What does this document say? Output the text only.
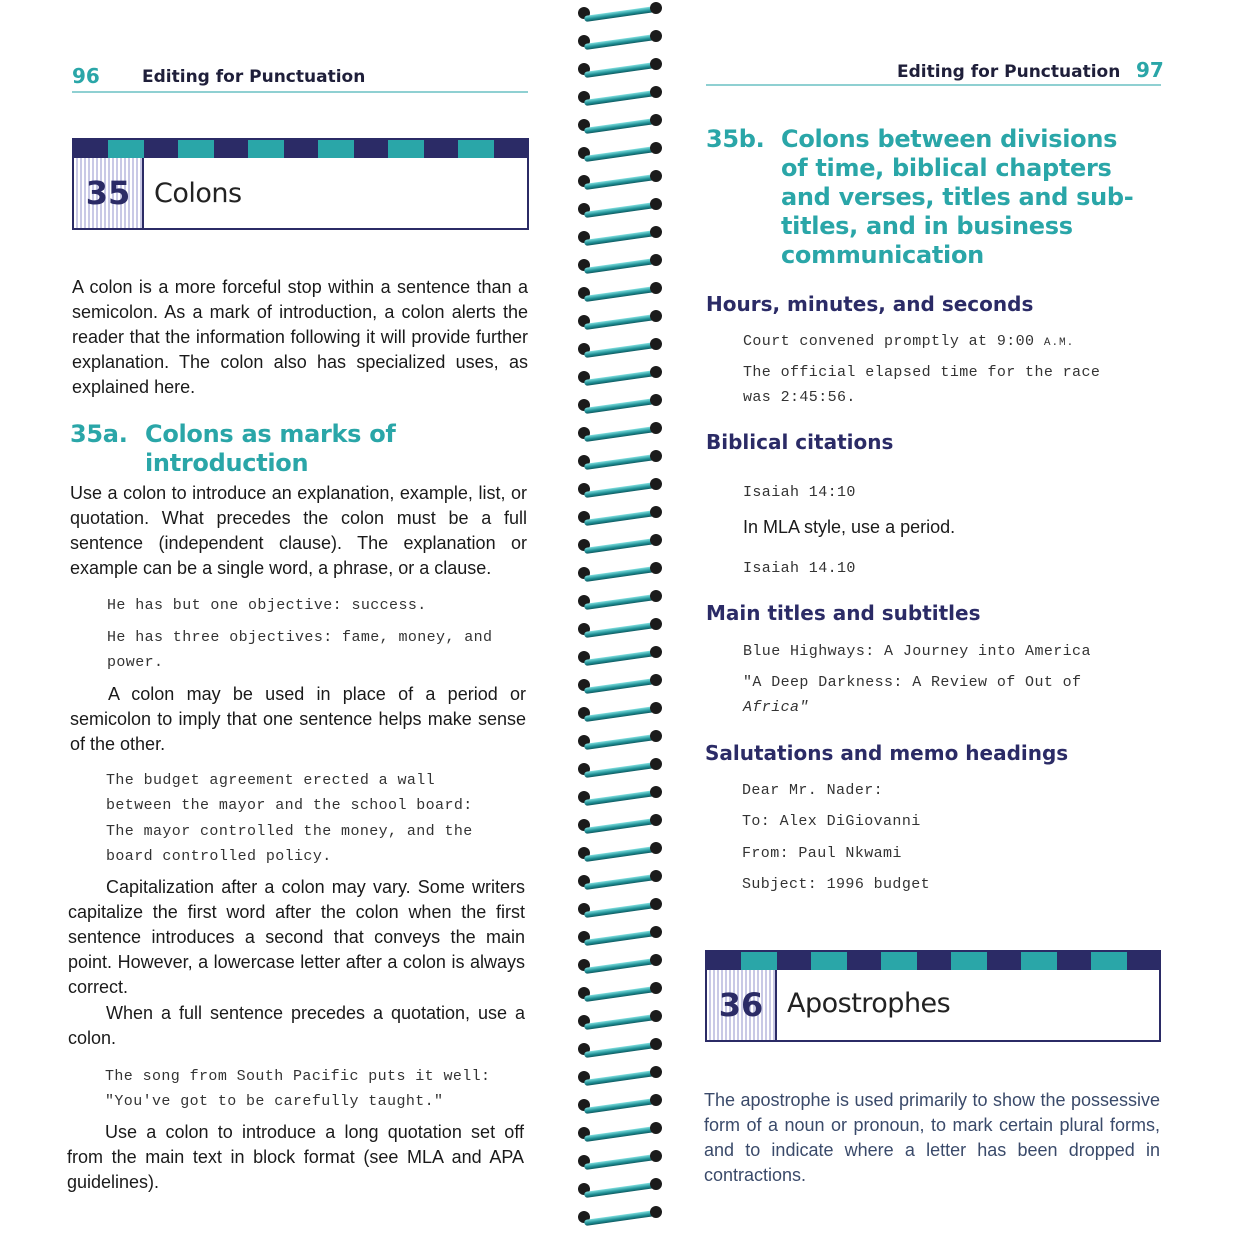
96 Editing for Punctuation
35 Colons
A colon is a more forceful stop within a sentence than a semicolon. As a mark of introduction, a colon alerts the reader that the information following it will provide further explanation. The colon also has specialized uses, as explained here.
35a. Colons as marks of
introduction
Use a colon to introduce an explanation, example, list, or quotation. What precedes the colon must be a full sentence (independent clause). The explanation or example can be a single word, a phrase, or a clause.
He has but one objective: success.
He has three objectives: fame, money, and
power.
A colon may be used in place of a period or semicolon to imply that one sentence helps make sense of the other.
The budget agreement erected a wall
between the mayor and the school board:
The mayor controlled the money, and the
board controlled policy.
Capitalization after a colon may vary. Some writers capitalize the first word after the colon when the first sentence introduces a second that conveys the main point. However, a lowercase letter after a colon is always correct.
When a full sentence precedes a quotation, use a colon.
The song from South Pacific puts it well:
"You've got to be carefully taught."
Use a colon to introduce a long quotation set off from the main text in block format (see MLA and APA guidelines).
Editing for Punctuation 97
35b. Colons between divisions
of time, biblical chapters
and verses, titles and sub-
titles, and in business
communication
Hours, minutes, and seconds
Court convened promptly at 9:00 A.M.
The official elapsed time for the race
was 2:45:56.
Biblical citations
Isaiah 14:10
In MLA style, use a period.
Isaiah 14.10
Main titles and subtitles
Blue Highways: A Journey into America
"A Deep Darkness: A Review of Out of
Africa"
Salutations and memo headings
Dear Mr. Nader:
To: Alex DiGiovanni
From: Paul Nkwami
Subject: 1996 budget
36 Apostrophes
The apostrophe is used primarily to show the possessive form of a noun or pronoun, to mark certain plural forms, and to indicate where a letter has been dropped in contractions.
